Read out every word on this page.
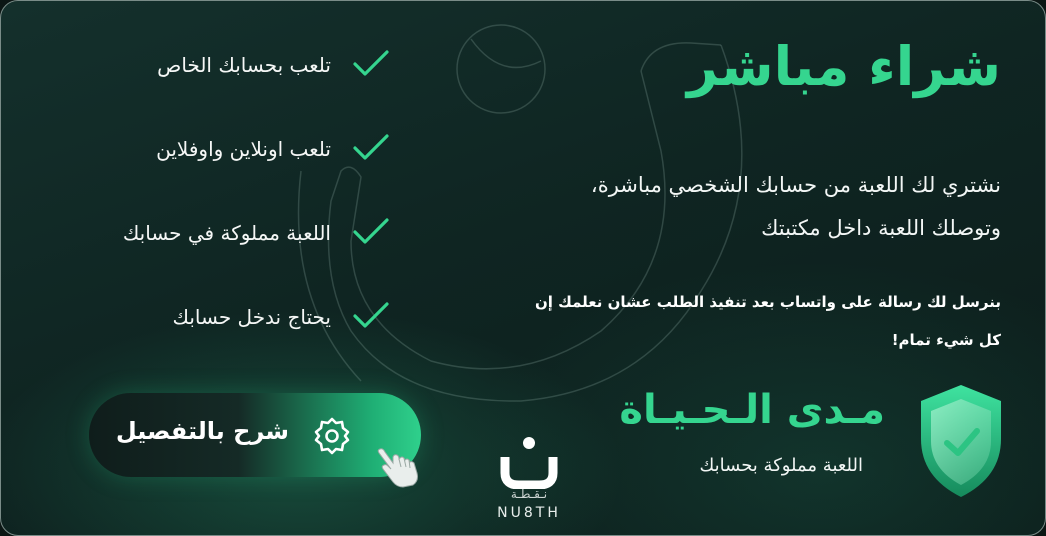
شراء مباشر
نشتري لك اللعبة من حسابك الشخصي مباشرة،
وتوصلك اللعبة داخل مكتبتك
بنرسل لك رسالة على واتساب بعد تنفيذ الطلب عشان نعلمك إن
كل شيء تمام!
تلعب بحسابك الخاص
تلعب اونلاين واوفلاين
اللعبة مملوكة في حسابك
يحتاج ندخل حسابك
شرح بالتفصيل	مـدى الـحـيـاة
اللعبة مملوكة بحسابك
نـقـطـة
NU8TH
